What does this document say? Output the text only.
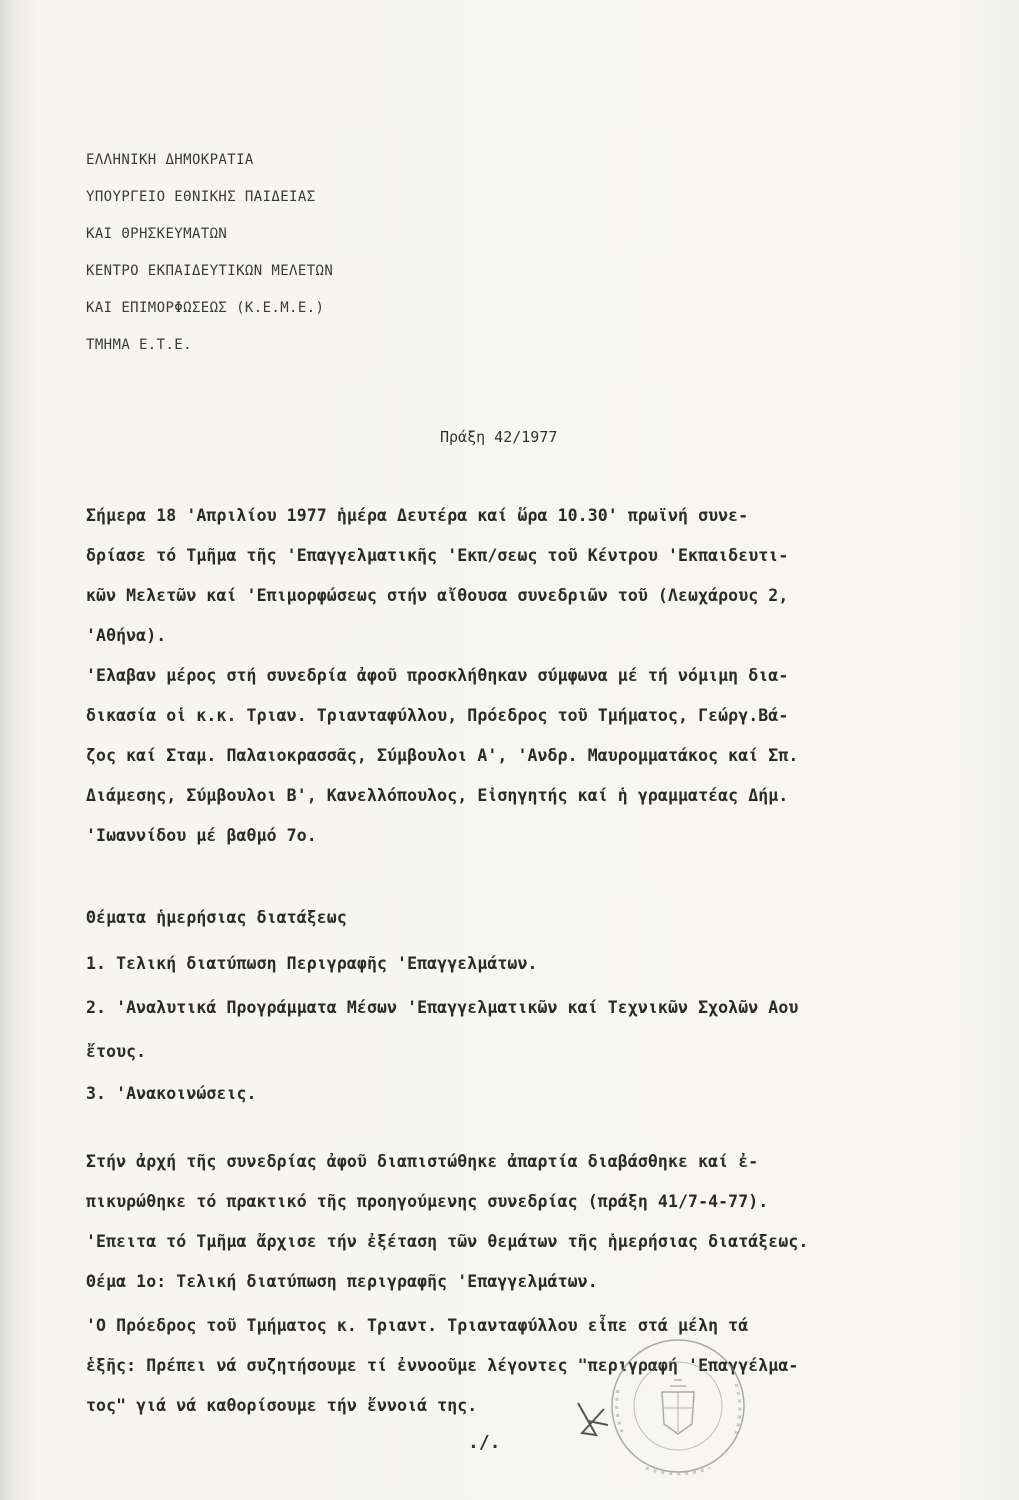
ΕΛΛΗΝΙΚΗ ΔΗΜΟΚΡΑΤΙΑ
ΥΠΟΥΡΓΕΙΟ ΕΘΝΙΚΗΣ ΠΑΙΔΕΙΑΣ
ΚΑΙ ΘΡΗΣΚΕΥΜΑΤΩΝ
ΚΕΝΤΡΟ ΕΚΠΑΙΔΕΥΤΙΚΩΝ ΜΕΛΕΤΩΝ
ΚΑΙ ΕΠΙΜΟΡΦΩΣΕΩΣ (Κ.Ε.Μ.Ε.)
ΤΜΗΜΑ Ε.Τ.Ε.
Πράξη 42/1977
Σήμερα 18 'Απριλίου 1977 ἡμέρα Δευτέρα καί ὥρα 10.30' πρωϊνή συνε-
δρίασε τό Τμῆμα τῆς 'Επαγγελματικῆς 'Εκπ/σεως τοῦ Κέντρου 'Εκπαιδευτι-
κῶν Μελετῶν καί 'Επιμορφώσεως στήν αἴθουσα συνεδριῶν τοῦ (Λεωχάρους 2,
'Αθήνα).
'Ελαβαν μέρος στή συνεδρία ἀφοῦ προσκλήθηκαν σύμφωνα μέ τή νόμιμη δια-
δικασία οἱ κ.κ. Τριαν. Τριανταφύλλου, Πρόεδρος τοῦ Τμήματος, Γεώργ.Βά-
ζος καί Σταμ. Παλαιοκρασσᾶς, Σύμβουλοι Α', 'Ανδρ. Μαυρομματάκος καί Σπ.
Διάμεσης, Σύμβουλοι Β', Κανελλόπουλος, Εἰσηγητής καί ἡ γραμματέας Δήμ.
'Ιωαννίδου μέ βαθμό 7ο.
Θέματα ἡμερήσιας διατάξεως
1. Τελική διατύπωση Περιγραφῆς 'Επαγγελμάτων.
2. 'Αναλυτικά Προγράμματα Μέσων 'Επαγγελματικῶν καί Τεχνικῶν Σχολῶν Αου
ἔτους.
3. 'Ανακοινώσεις.
Στήν ἀρχή τῆς συνεδρίας ἀφοῦ διαπιστώθηκε ἀπαρτία διαβάσθηκε καί ἐ-
πικυρώθηκε τό πρακτικό τῆς προηγούμενης συνεδρίας (πράξη 41/7-4-77).
'Επειτα τό Τμῆμα ἄρχισε τήν ἐξέταση τῶν θεμάτων τῆς ἡμερήσιας διατάξεως.
Θέμα 1ο: Τελική διατύπωση περιγραφῆς 'Επαγγελμάτων.
'Ο Πρόεδρος τοῦ Τμήματος κ. Τριαντ. Τριανταφύλλου εἶπε στά μέλη τά
ἑξῆς: Πρέπει νά συζητήσουμε τί ἐννοοῦμε λέγοντες "περιγραφή 'Επαγγέλμα-
τος" γιά νά καθορίσουμε τήν ἔννοιά της.
./.
